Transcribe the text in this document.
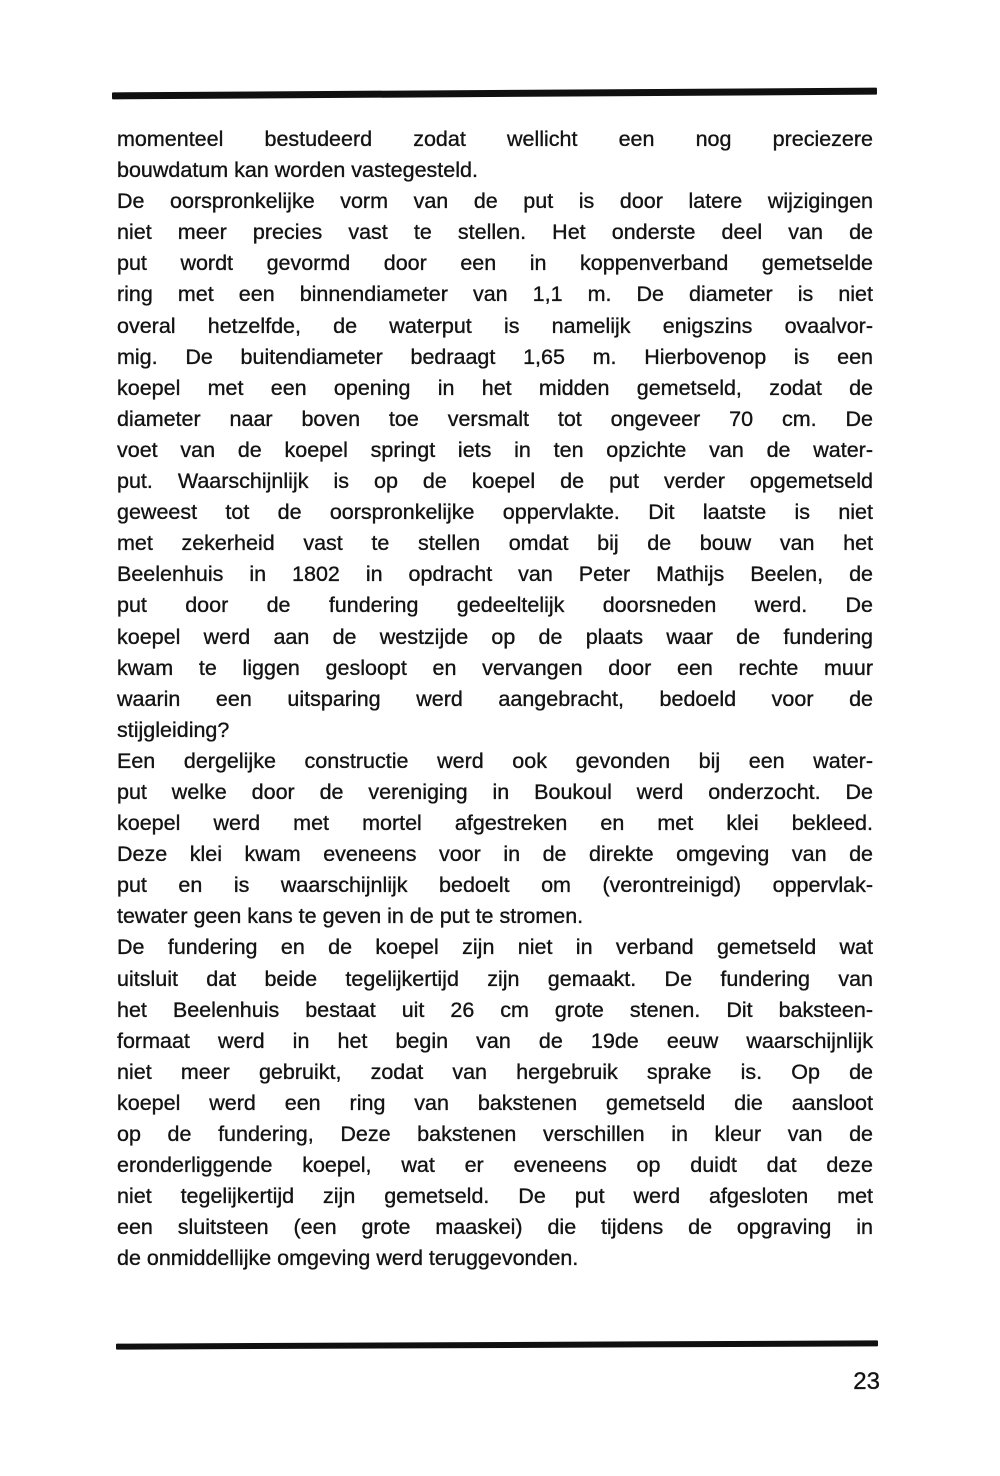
momenteel bestudeerd zodat wellicht een nog preciezere
bouwdatum kan worden vastegesteld.
De oorspronkelijke vorm van de put is door latere wijzigingen
niet meer precies vast te stellen. Het onderste deel van de
put wordt gevormd door een in koppenverband gemetselde
ring met een binnendiameter van 1,1 m. De diameter is niet
overal hetzelfde, de waterput is namelijk enigszins ovaalvor-
mig. De buitendiameter bedraagt 1,65 m. Hierbovenop is een
koepel met een opening in het midden gemetseld, zodat de
diameter naar boven toe versmalt tot ongeveer 70 cm. De
voet van de koepel springt iets in ten opzichte van de water-
put. Waarschijnlijk is op de koepel de put verder opgemetseld
geweest tot de oorspronkelijke oppervlakte. Dit laatste is niet
met zekerheid vast te stellen omdat bij de bouw van het
Beelenhuis in 1802 in opdracht van Peter Mathijs Beelen, de
put door de fundering gedeeltelijk doorsneden werd. De
koepel werd aan de westzijde op de plaats waar de fundering
kwam te liggen gesloopt en vervangen door een rechte muur
waarin een uitsparing werd aangebracht, bedoeld voor de
stijgleiding?
Een dergelijke constructie werd ook gevonden bij een water-
put welke door de vereniging in Boukoul werd onderzocht. De
koepel werd met mortel afgestreken en met klei bekleed.
Deze klei kwam eveneens voor in de direkte omgeving van de
put en is waarschijnlijk bedoelt om (verontreinigd) oppervlak-
tewater geen kans te geven in de put te stromen.
De fundering en de koepel zijn niet in verband gemetseld wat
uitsluit dat beide tegelijkertijd zijn gemaakt. De fundering van
het Beelenhuis bestaat uit 26 cm grote stenen. Dit baksteen-
formaat werd in het begin van de 19de eeuw waarschijnlijk
niet meer gebruikt, zodat van hergebruik sprake is. Op de
koepel werd een ring van bakstenen gemetseld die aansloot
op de fundering, Deze bakstenen verschillen in kleur van de
eronderliggende koepel, wat er eveneens op duidt dat deze
niet tegelijkertijd zijn gemetseld. De put werd afgesloten met
een sluitsteen (een grote maaskei) die tijdens de opgraving in
de onmiddellijke omgeving werd teruggevonden.
23
